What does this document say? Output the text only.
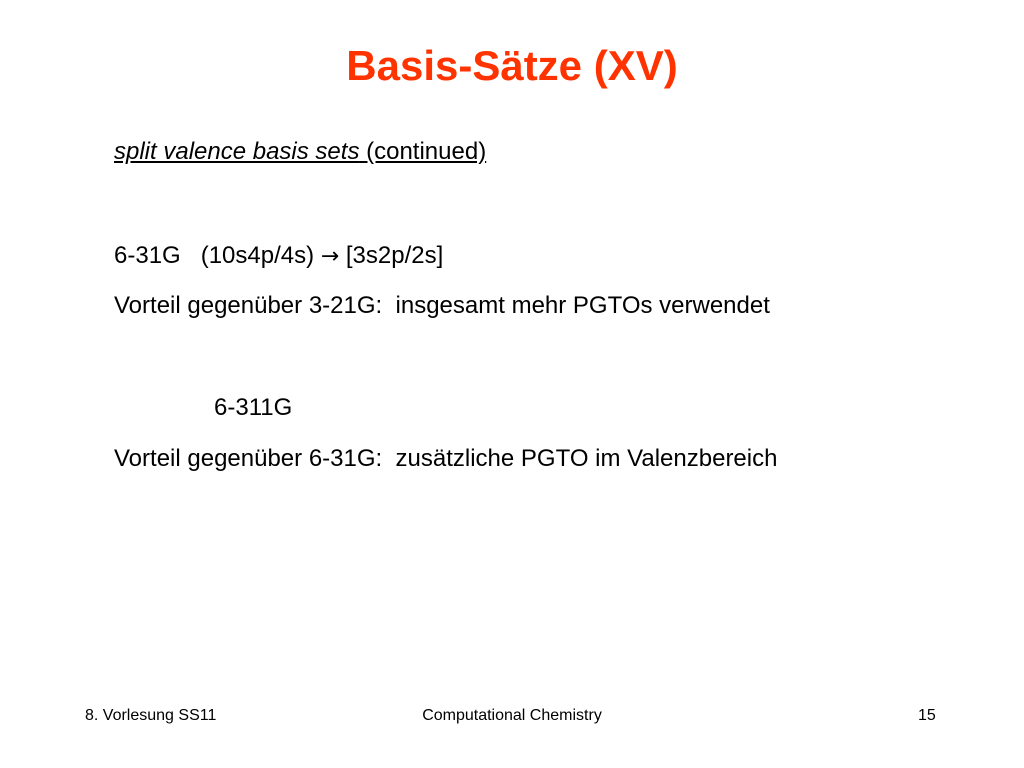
Basis-Sätze (XV)

split valence basis sets (continued)

6-31G   (10s4p/4s) → [3s2p/2s]

Vorteil gegenüber 3-21G:  insgesamt mehr PGTOs verwendet

6-311G

Vorteil gegenüber 6-31G:  zusätzliche PGTO im Valenzbereich

8. Vorlesung SS11	Computational Chemistry	15
